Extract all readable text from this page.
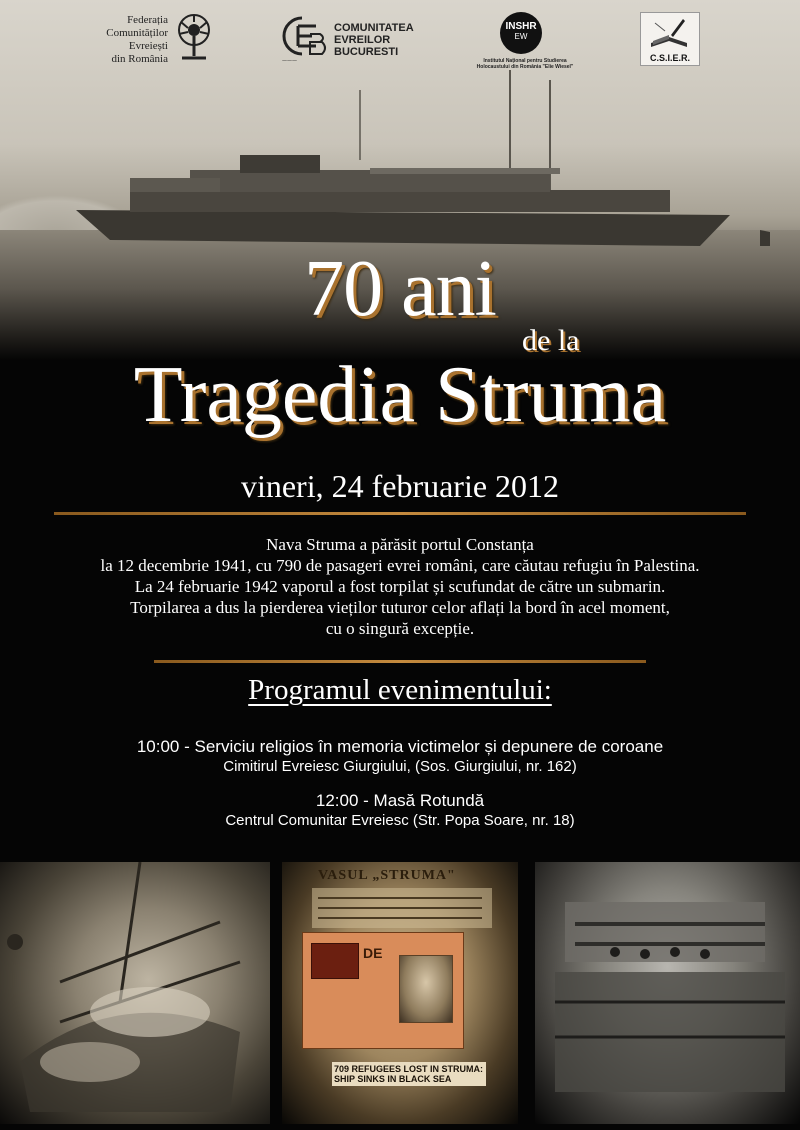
Federația
Comunităților Evreiești
din România	———
COMUNITATEA
EVREILOR
BUCURESTI
INSHR
EW
Institutul Național pentru Studierea Holocaustului din România "Elie Wiesel"
C.S.I.E.R.
70 ani
de la
Tragedia Struma
vineri, 24 februarie 2012

Nava Struma a părăsit portul Constanța

la 12 decembrie 1941, cu 790 de pasageri evrei români, care căutau refugiu în Palestina.

La 24 februarie 1942 vaporul a fost torpilat și scufundat de către un submarin.

Torpilarea a dus la pierderea vieților tuturor celor aflați la bord în acel moment,

cu o singură excepție.

Programul evenimentului:
10:00 - Serviciu religios în memoria victimelor și depunere de coroane
Cimitirul Evreiesc Giurgiului, (Sos. Giurgiului, nr. 162)
12:00 - Masă Rotundă
Centrul Comunitar Evreiesc (Str. Popa Soare, nr. 18)
VASUL „STRUMA"
DE
709 REFUGEES LOST IN STRUMA: SHIP SINKS IN BLACK SEA
